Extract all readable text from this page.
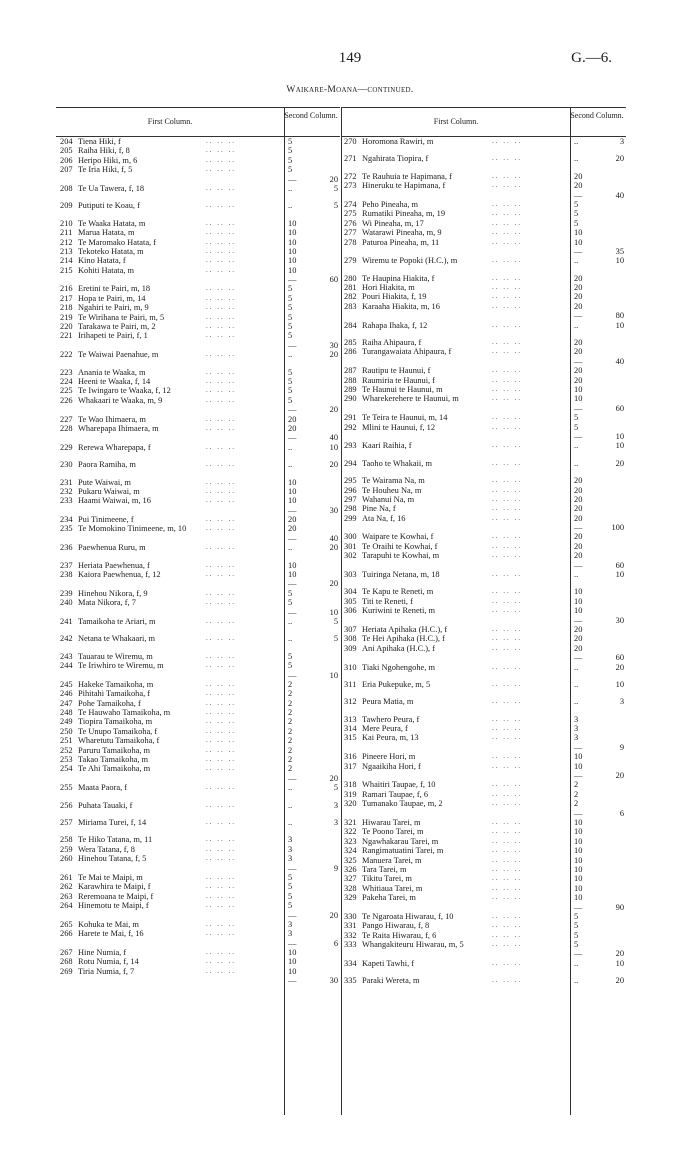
149	G.—6.
Waikare-Moana—continued.
First Column.
Second Column.
204 Tiena Hiki, f	5
.. .. ..
205 Raiha Hiki, f, 8	5
.. .. ..
206 Heripo Hiki, m, 6	5
.. .. ..
207 Te Iria Hiki, f, 5	5
.. .. ..
—	20
208 Te Ua Tawera, f, 18	..	5
.. .. ..
209 Putiputi te Koau, f	..	5
.. .. ..
210 Te Waaka Hatata, m	10
.. .. ..
211 Marua Hatata, m	10
.. .. ..
212 Te Maromako Hatata, f	10
.. .. ..
213 Tekoteko Hatata, m	10
.. .. ..
214 Kino Hatata, f	10
.. .. ..
215 Kohiti Hatata, m	10
.. .. ..
—	60
216 Eretini te Pairi, m, 18	5
.. .. ..
217 Hopa te Pairi, m, 14	5
.. .. ..
218 Ngahiri te Pairi, m, 9	5
.. .. ..
219 Te Wirihana te Pairi, m, 5	5
.. .. ..
220 Tarakawa te Pairi, m, 2	5
.. .. ..
221 Irihapeti te Pairi, f, 1	5
.. .. ..
—	30
222 Te Waiwai Paenahue, m	..	20
.. .. ..
223 Anania te Waaka, m	5
.. .. ..
224 Heeni te Waaka, f, 14	5
.. .. ..
225 Te Iwingaro te Waaka, f, 12	5
.. .. ..
226 Whakaari te Waaka, m, 9	5
.. .. ..
—	20
227 Te Wao Ihimaera, m	20
.. .. ..
228 Wharepapa Ihimaera, m	20
.. .. ..
—	40
229 Rerewa Wharepapa, f	..	10
.. .. ..
230 Paora Ramiha, m	..	20
.. .. ..
231 Pute Waiwai, m	10
.. .. ..
232 Pukaru Waiwai, m	10
.. .. ..
233 Haami Waiwai, m, 16	10
.. .. ..
—	30
234 Pui Tinimeene, f	20
.. .. ..
235 Te Momokino Tinimeene, m, 10	20
.. .. ..
—	40
236 Paewhenua Ruru, m	..	20
.. .. ..
237 Heriata Paewhenua, f	10
.. .. ..
238 Kaiora Paewhenua, f, 12	10
.. .. ..
—	20
239 Hinehou Nikora, f, 9	5
.. .. ..
240 Mata Nikora, f, 7	5
.. .. ..
—	10
241 Tamaikoha te Ariari, m	..	5
.. .. ..
242 Netana te Whakaari, m	..	5
.. .. ..
243 Tauarau te Wiremu, m	5
.. .. ..
244 Te Iriwhiro te Wiremu, m	5
.. .. ..
—	10
245 Hakeke Tamaikoha, m	2
.. .. ..
246 Pihitahi Tamaikoha, f	2
.. .. ..
247 Pohe Tamaikoha, f	2
.. .. ..
248 Te Hauwaho Tamaikoha, m	2
.. .. ..
249 Tiopira Tamaikoha, m	2
.. .. ..
250 Te Unupo Tamaikoha, f	2
.. .. ..
251 Wharetutu Tamaikoha, f	2
.. .. ..
252 Paruru Tamaikoha, m	2
.. .. ..
253 Takao Tamaikoha, m	2
.. .. ..
254 Te Ahi Tamaikoha, m	2
.. .. ..
—	20
255 Maata Paora, f	..	5
.. .. ..
256 Puhata Tauaki, f	..	3
.. .. ..
257 Miriama Turei, f, 14	..	3
.. .. ..
258 Te Hiko Tatana, m, 11	3
.. .. ..
259 Wera Tatana, f, 8	3
.. .. ..
260 Hinehou Tatana, f, 5	3
.. .. ..
—	9
261 Te Mai te Maipi, m	5
.. .. ..
262 Karawhira te Maipi, f	5
.. .. ..
263 Reremoana te Maipi, f	5
.. .. ..
264 Hinemotu te Maipi, f	5
.. .. ..
—	20
265 Kohuka te Mai, m	3
.. .. ..
266 Harete te Mai, f, 16	3
.. .. ..
—	6
267 Hine Numia, f	10
.. .. ..
268 Rotu Numia, f, 14	10
.. .. ..
269 Tiria Numia, f, 7	10
.. .. ..
—	30
First Column.
Second Column.
270 Horomona Rawiri, m	..	3
.. .. ..
271 Ngahirata Tiopira, f	..	20
.. .. ..
272 Te Rauhuia te Hapimana, f	20
.. .. ..
273 Hineruku te Hapimana, f	20
.. .. ..
—	40
274 Peho Pineaha, m	5
.. .. ..
275 Rumatiki Pineaha, m, 19	5
.. .. ..
276 Wi Pineaha, m, 17	5
.. .. ..
277 Watarawi Pineaha, m, 9	10
.. .. ..
278 Paturoa Pineaha, m, 11	10
.. .. ..
—	35
279 Wiremu te Popoki (H.C.), m	..	10
.. .. ..
280 Te Haupina Hiakita, f	20
.. .. ..
281 Hori Hiakita, m	20
.. .. ..
282 Pouri Hiakita, f, 19	20
.. .. ..
283 Karaaha Hiakita, m, 16	20
.. .. ..
—	80
284 Rahapa Ihaka, f, 12	..	10
.. .. ..
285 Raiha Ahipaura, f	20
.. .. ..
286 Turangawaiata Ahipaura, f	20
.. .. ..
—	40
287 Rautipu te Haunui, f	20
.. .. ..
288 Raumiria te Haunui, f	20
.. .. ..
289 Te Haunui te Haunui, m	10
.. .. ..
290 Wharekerehere te Haunui, m	10
.. .. ..
—	60
291 Te Teira te Haunui, m, 14	5
.. .. ..
292 Mlini te Haunui, f, 12	5
.. .. ..
—	10
293 Kaari Raihia, f	..	10
.. .. ..
294 Taoho te Whakaii, m	..	20
.. .. ..
295 Te Wairama Na, m	20
.. .. ..
296 Te Houheu Na, m	20
.. .. ..
297 Wahanui Na, m	20
.. .. ..
298 Pine Na, f	20
.. .. ..
299 Ata Na, f, 16	20
.. .. ..
—	100
300 Waipare te Kowhai, f	20
.. .. ..
301 Te Oraihi te Kowhai, f	20
.. .. ..
302 Tarapuhi te Kowhai, m	20
.. .. ..
—	60
303 Tuiringa Netana, m, 18	..	10
.. .. ..
304 Te Kapu te Reneti, m	10
.. .. ..
305 Titi te Reneti, f	10
.. .. ..
306 Kuriwini te Reneti, m	10
.. .. ..
—	30
307 Heriata Apihaka (H.C.), f	20
.. .. ..
308 Te Hei Apihaka (H.C.), f	20
.. .. ..
309 Ani Apihaka (H.C.), f	20
.. .. ..
—	60
310 Tiaki Ngohengohe, m	..	20
.. .. ..
311 Eria Pukepuke, m, 5	..	10
.. .. ..
312 Peura Matia, m	..	3
.. .. ..
313 Tawhero Peura, f	3
.. .. ..
314 Mere Peura, f	3
.. .. ..
315 Kai Peura, m, 13	3
.. .. ..
—	9
316 Pineere Hori, m	10
.. .. ..
317 Ngaaikiha Hori, f	10
.. .. ..
—	20
318 Whaitiri Taupae, f, 10	2
.. .. ..
319 Ramari Taupae, f, 6	2
.. .. ..
320 Tumanako Taupae, m, 2	2
.. .. ..
—	6
321 Hiwarau Tarei, m	10
.. .. ..
322 Te Poono Tarei, m	10
.. .. ..
323 Ngawhakarau Tarei, m	10
.. .. ..
324 Rangimatuatini Tarei, m	10
.. .. ..
325 Manuera Tarei, m	10
.. .. ..
326 Tara Tarei, m	10
.. .. ..
327 Tikitu Tarei, m	10
.. .. ..
328 Whitiaua Tarei, m	10
.. .. ..
329 Pakeha Tarei, m	10
.. .. ..
—	90
330 Te Ngaroata Hiwarau, f, 10	5
.. .. ..
331 Pango Hiwarau, f, 8	5
.. .. ..
332 Te Raita Hiwarau, f, 6	5
.. .. ..
333 Whangakiteuru Hiwarau, m, 5	5
.. .. ..
—	20
334 Kapeti Tawhi, f	..	10
.. .. ..
335 Paraki Wereta, m	..	20
.. .. ..
